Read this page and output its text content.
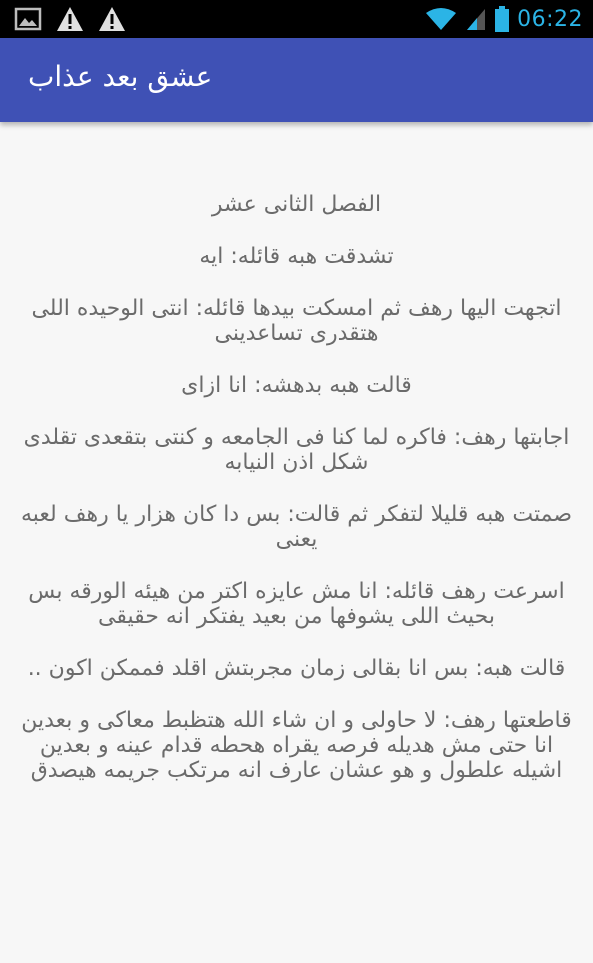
06:22
عشق بعد عذاب

الفصل الثانى عشر

تشدقت هبه قائله: ايه

اتجهت اليها رهف ثم امسكت بيدها قائله: انتى الوحيده اللى هتقدرى تساعدينى

قالت هبه بدهشه: انا ازاى

اجابتها رهف: فاكره لما كنا فى الجامعه و كنتى بتقعدى تقلدى شكل اذن النيابه

صمتت هبه قليلا لتفكر ثم قالت: بس دا كان هزار يا رهف لعبه يعنى

اسرعت رهف قائله: انا مش عايزه اكتر من هيئه الورقه بس بحيث اللى يشوفها من بعيد يفتكر انه حقيقى

قالت هبه: بس انا بقالى زمان مجربتش اقلد فممكن اكون ..

قاطعتها رهف: لا حاولى و ان شاء الله هتظبط معاكى و بعدين انا حتى مش هديله فرصه يقراه هحطه قدام عينه و بعدين اشيله علطول و هو عشان عارف انه مرتكب جريمه هيصدق
